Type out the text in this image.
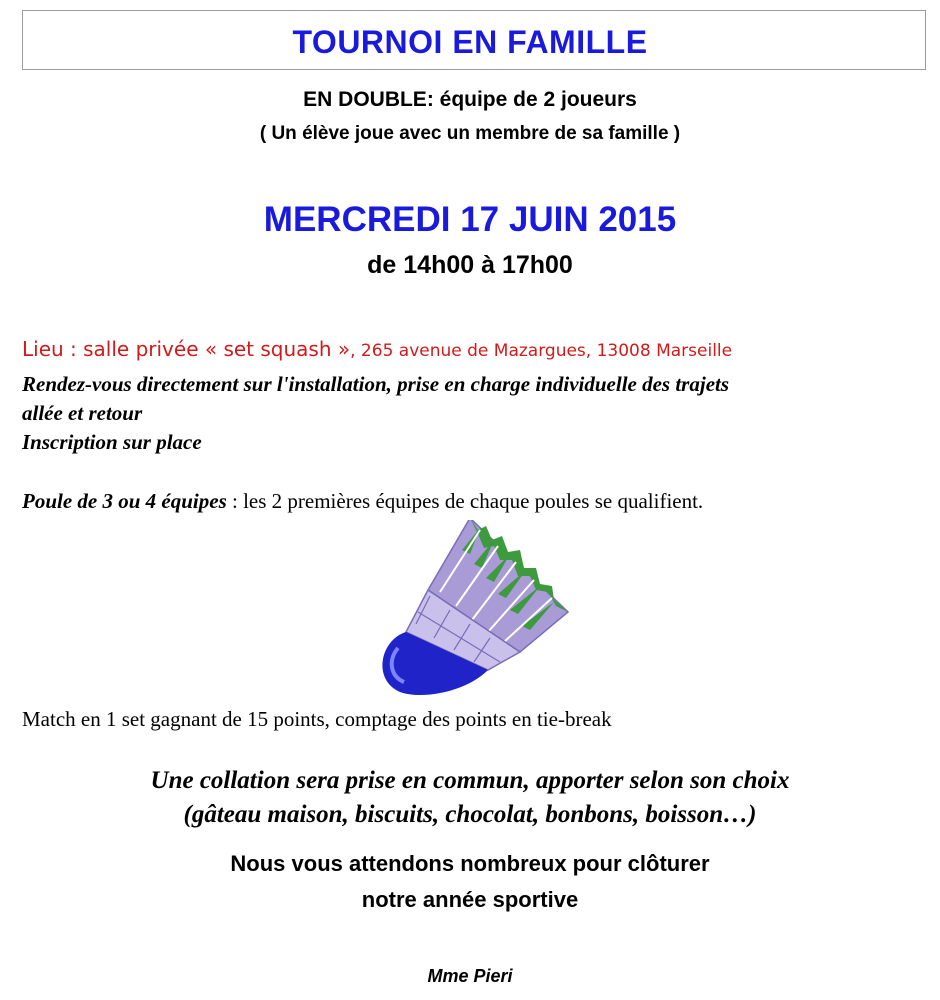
TOURNOI EN FAMILLE
EN DOUBLE: équipe de 2 joueurs
( Un élève joue avec un membre de sa famille )
MERCREDI 17 JUIN 2015
de 14h00 à 17h00
Lieu : salle privée « set squash », 265 avenue de Mazargues, 13008 Marseille
Rendez-vous directement sur l'installation, prise en charge individuelle des trajets
allée et retour
Inscription sur place
Poule de 3 ou 4 équipes : les 2 premières équipes de chaque poules se qualifient.
Match en 1 set gagnant de 15 points, comptage des points en tie-break
Une collation sera prise en commun, apporter selon son choix
(gâteau maison, biscuits, chocolat, bonbons, boisson…)
Nous vous attendons nombreux pour clôturer
notre année sportive
Mme Pieri
